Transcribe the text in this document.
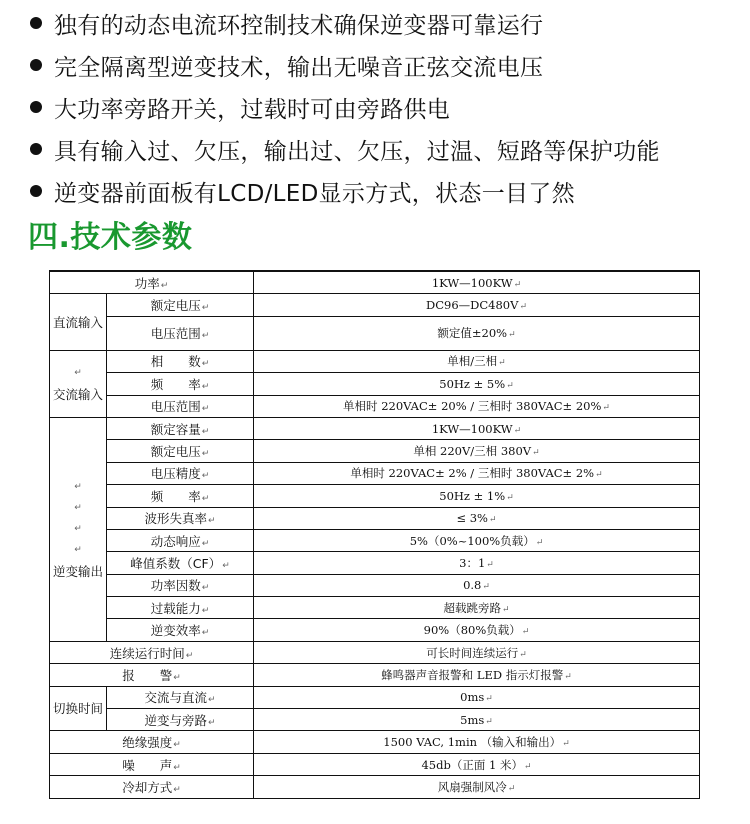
独有的动态电流环控制技术确保逆变器可靠运行
完全隔离型逆变技术，输出无噪音正弦交流电压
大功率旁路开关，过载时可由旁路供电
具有输入过、欠压，输出过、欠压，过温、短路等保护功能
逆变器前面板有LCD/LED显示方式，状态一目了然
四.技术参数
功率↵		1KW—100KW↵
直流输入	额定电压↵	DC96—DC480V↵
	电压范围↵	额定值±20%↵

↵
交流输入	相　　数↵	单相/三相↵
	频　　率↵	50Hz ± 5%↵
	电压范围↵	单相时 220VAC± 20% / 三相时 380VAC± 20%↵

↵
↵
↵
↵
逆变输出	额定容量↵	1KW—100KW↵
	额定电压↵	单相 220V/三相 380V↵
	电压精度↵	单相时 220VAC± 2% / 三相时 380VAC± 2%↵
	频　　率↵	50Hz ± 1%↵
	波形失真率↵	≤ 3%↵
	动态响应↵	5%（0%~100%负载）↵
	峰值系数（CF）↵	3：1↵
	功率因数↵	0.8↵
	过载能力↵	超载跳旁路↵
	逆变效率↵	90%（80%负载）↵
连续运行时间↵		可长时间连续运行↵
报　　警↵		蜂鸣器声音报警和 LED 指示灯报警↵
切换时间	交流与直流↵	0ms↵
	逆变与旁路↵	5ms↵
绝缘强度↵		1500 VAC, 1min （输入和输出）↵
噪　　声↵		45db（正面 1 米）↵
冷却方式↵		风扇强制风冷↵
